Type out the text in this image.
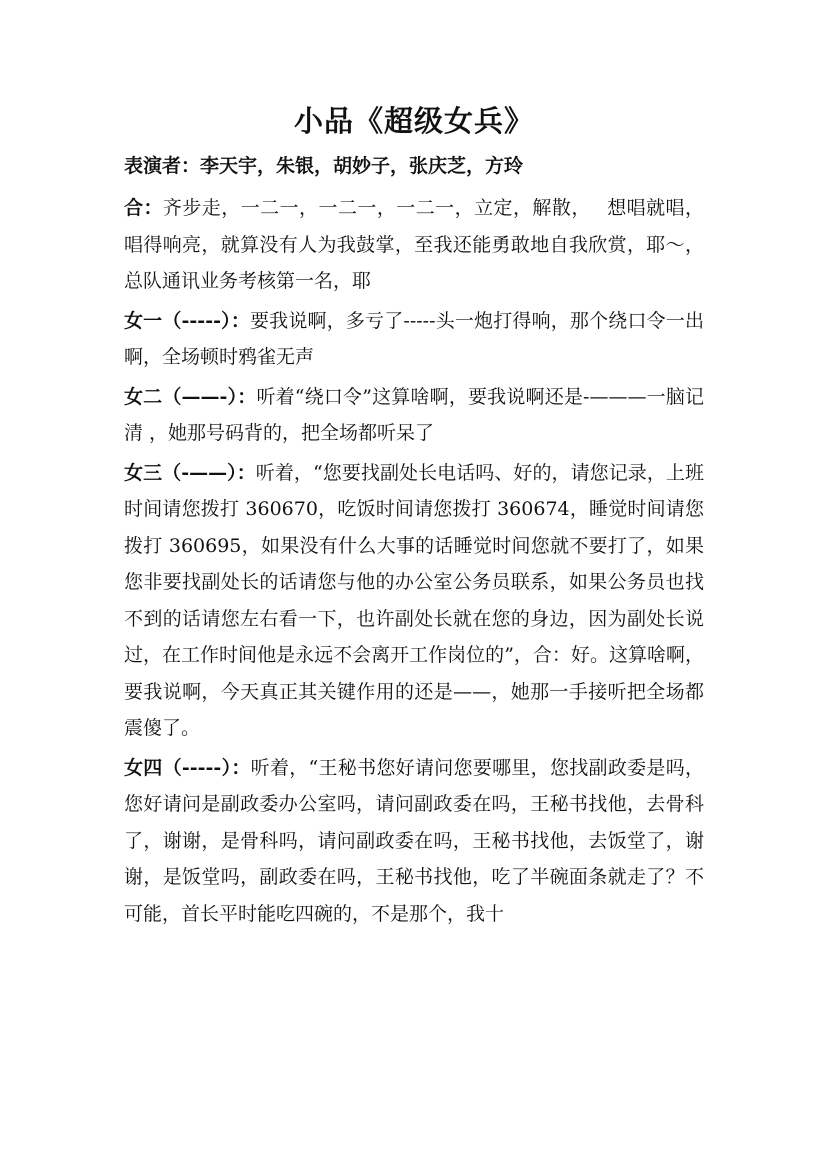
小品《超级女兵》
表演者：李天宇，朱银，胡妙子，张庆芝，方玲

合：齐步走，一二一，一二一，一二一，立定，解散，　 想唱就唱，唱得响亮，就算没有人为我鼓掌，至我还能勇敢地自我欣赏，耶～，总队通讯业务考核第一名，耶

女一（-----）：要我说啊，多亏了-----头一炮打得响，那个绕口令一出啊，全场顿时鸦雀无声

女二（——-）：听着“绕口令”这算啥啊，要我说啊还是-———一脑记清 ，她那号码背的，把全场都听呆了

女三（-——）：听着，“您要找副处长电话吗、好的，请您记录，上班时间请您拨打 360670，吃饭时间请您拨打 360674，睡觉时间请您拨打 360695，如果没有什么大事的话睡觉时间您就不要打了，如果您非要找副处长的话请您与他的办公室公务员联系，如果公务员也找不到的话请您左右看一下，也许副处长就在您的身边，因为副处长说过，在工作时间他是永远不会离开工作岗位的”，合：好。这算啥啊，要我说啊，今天真正其关键作用的还是——，她那一手接听把全场都震傻了。

女四（-----）：听着，“王秘书您好请问您要哪里，您找副政委是吗，您好请问是副政委办公室吗，请问副政委在吗，王秘书找他，去骨科了，谢谢，是骨科吗，请问副政委在吗，王秘书找他，去饭堂了，谢谢，是饭堂吗，副政委在吗，王秘书找他，吃了半碗面条就走了？不可能，首长平时能吃四碗的，不是那个，我十
